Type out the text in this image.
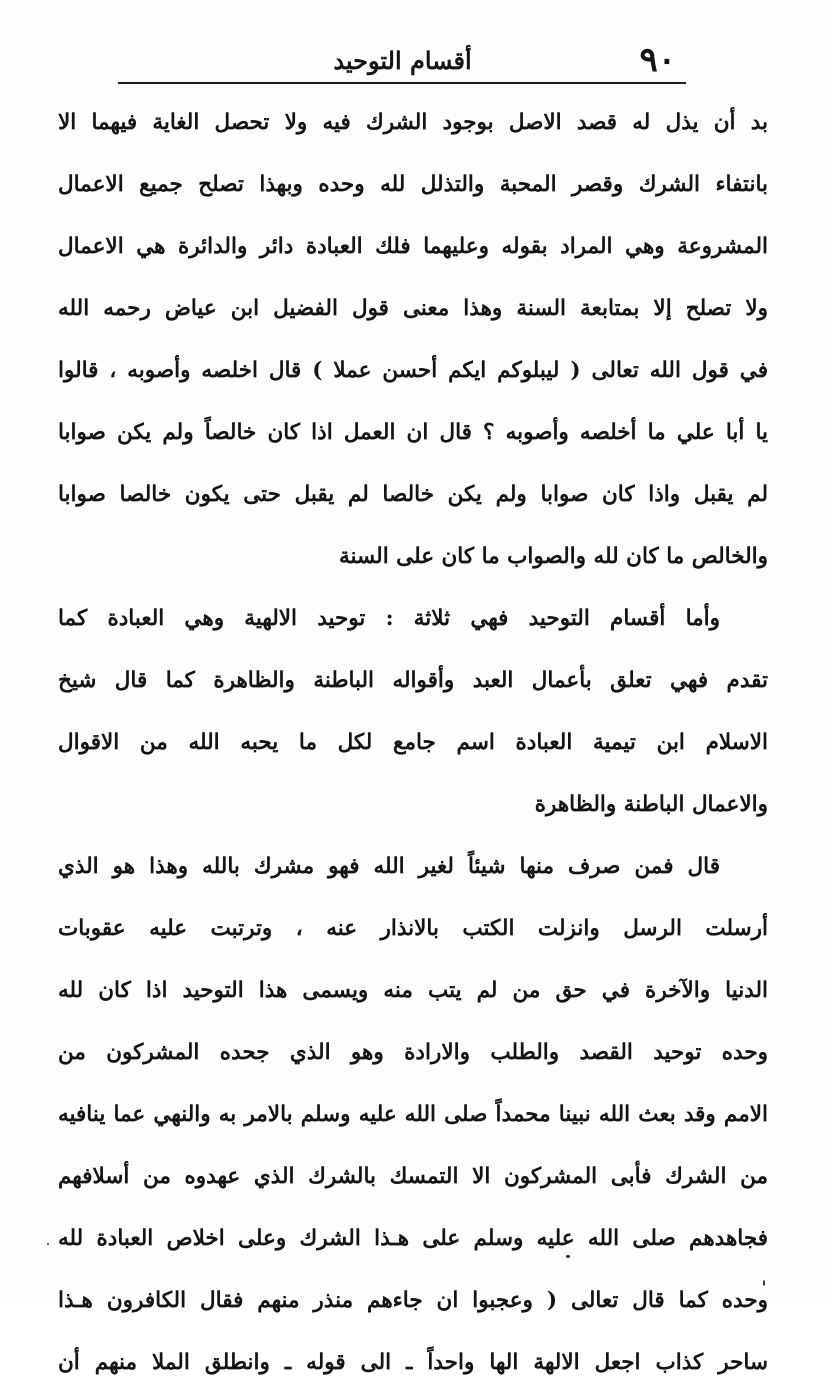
٩٠
أقسام التوحيد
بد أن يذل له قصد الاصل بوجود الشرك فيه ولا تحصل الغاية فيهما الا
بانتفاء الشرك وقصر المحبة والتذلل لله وحده وبهذا تصلح جميع الاعمال
المشروعة وهي المراد بقوله وعليهما فلك العبادة دائر والدائرة هي الاعمال
ولا تصلح إلا بمتابعة السنة وهذا معنى قول الفضيل ابن عياض رحمه الله
في قول الله تعالى ( ليبلوكم ايكم أحسن عملا ) قال اخلصه وأصوبه ، قالوا
يا أبا علي ما أخلصه وأصوبه ؟ قال ان العمل اذا كان خالصاً ولم يكن صوابا
لم يقبل واذا كان صوابا ولم يكن خالصا لم يقبل حتى يكون خالصا صوابا
والخالص ما كان لله والصواب ما كان على السنة
وأما أقسام التوحيد فهي ثلاثة : توحيد الالهية وهي العبادة كما
تقدم فهي تعلق بأعمال العبد وأقواله الباطنة والظاهرة كما قال شيخ
الاسلام ابن تيمية العبادة اسم جامع لكل ما يحبه الله من الاقوال
والاعمال الباطنة والظاهرة
قال فمن صرف منها شيئاً لغير الله فهو مشرك بالله وهذا هو الذي
أرسلت الرسل وانزلت الكتب بالانذار عنه ، وترتبت عليه عقوبات
الدنيا والآخرة في حق من لم يتب منه ويسمى هذا التوحيد اذا كان لله
وحده توحيد القصد والطلب والارادة وهو الذي جحده المشركون من
الامم وقد بعث الله نبينا محمداً صلى الله عليه وسلم بالامر به والنهي عما ينافيه
من الشرك فأبى المشركون الا التمسك بالشرك الذي عهدوه من أسلافهم
فجاهدهم صلى الله عليه وسلم على هـذا الشرك وعلى اخلاص العبادة لله
وحده كما قال تعالى ( وعجبوا ان جاءهم منذر منهم فقال الكافرون هـذا
ساحر كذاب اجعل الالهة الها واحداً ـ الى قوله ـ وانطلق الملا منهم أن
